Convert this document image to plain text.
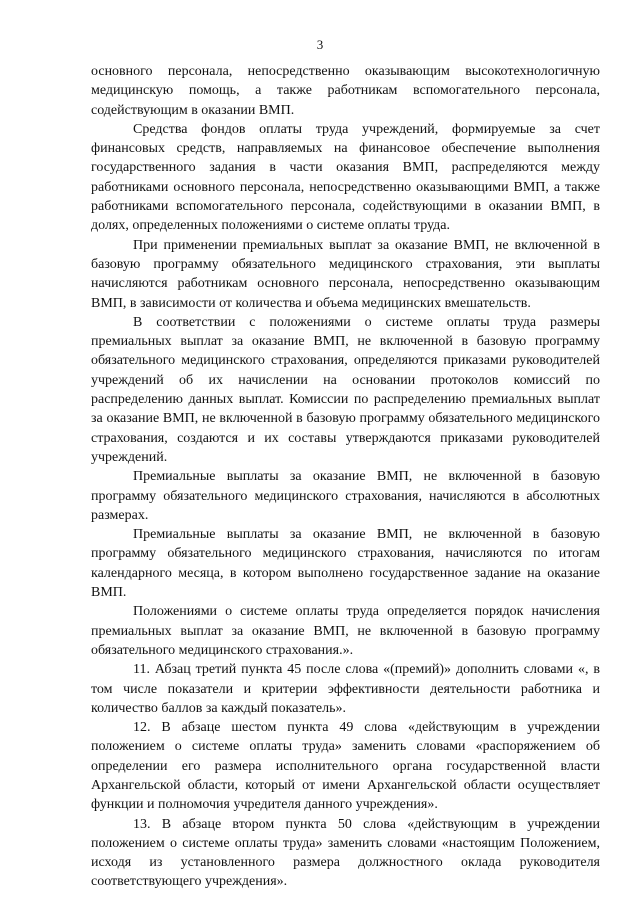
3

основного персонала, непосредственно оказывающим высокотехнологичную медицинскую помощь, а также работникам вспомогательного персонала, содействующим в оказании ВМП.

Средства фондов оплаты труда учреждений, формируемые за счет финансовых средств, направляемых на финансовое обеспечение выполнения государственного задания в части оказания ВМП, распределяются между работниками основного персонала, непосредственно оказывающими ВМП, а также работниками вспомогательного персонала, содействующими в оказании ВМП, в долях, определенных положениями о системе оплаты труда.

При применении премиальных выплат за оказание ВМП, не включенной в базовую программу обязательного медицинского страхования, эти выплаты начисляются работникам основного персонала, непосредственно оказывающим ВМП, в зависимости от количества и объема медицинских вмешательств.

В соответствии с положениями о системе оплаты труда размеры премиальных выплат за оказание ВМП, не включенной в базовую программу обязательного медицинского страхования, определяются приказами руководителей учреждений об их начислении на основании протоколов комиссий по распределению данных выплат. Комиссии по распределению премиальных выплат за оказание ВМП, не включенной в базовую программу обязательного медицинского страхования, создаются и их составы утверждаются приказами руководителей учреждений.

Премиальные выплаты за оказание ВМП, не включенной в базовую программу обязательного медицинского страхования, начисляются в абсолютных размерах.

Премиальные выплаты за оказание ВМП, не включенной в базовую программу обязательного медицинского страхования, начисляются по итогам календарного месяца, в котором выполнено государственное задание на оказание ВМП.

Положениями о системе оплаты труда определяется порядок начисления премиальных выплат за оказание ВМП, не включенной в базовую программу обязательного медицинского страхования.».

11. Абзац третий пункта 45 после слова «(премий)» дополнить словами «, в том числе показатели и критерии эффективности деятельности работника и количество баллов за каждый показатель».

12. В абзаце шестом пункта 49 слова «действующим в учреждении положением о системе оплаты труда» заменить словами «распоряжением об определении его размера исполнительного органа государственной власти Архангельской области, который от имени Архангельской области осуществляет функции и полномочия учредителя данного учреждения».

13. В абзаце втором пункта 50 слова «действующим в учреждении положением о системе оплаты труда» заменить словами «настоящим Положением, исходя из установленного размера должностного оклада руководителя соответствующего учреждения».
